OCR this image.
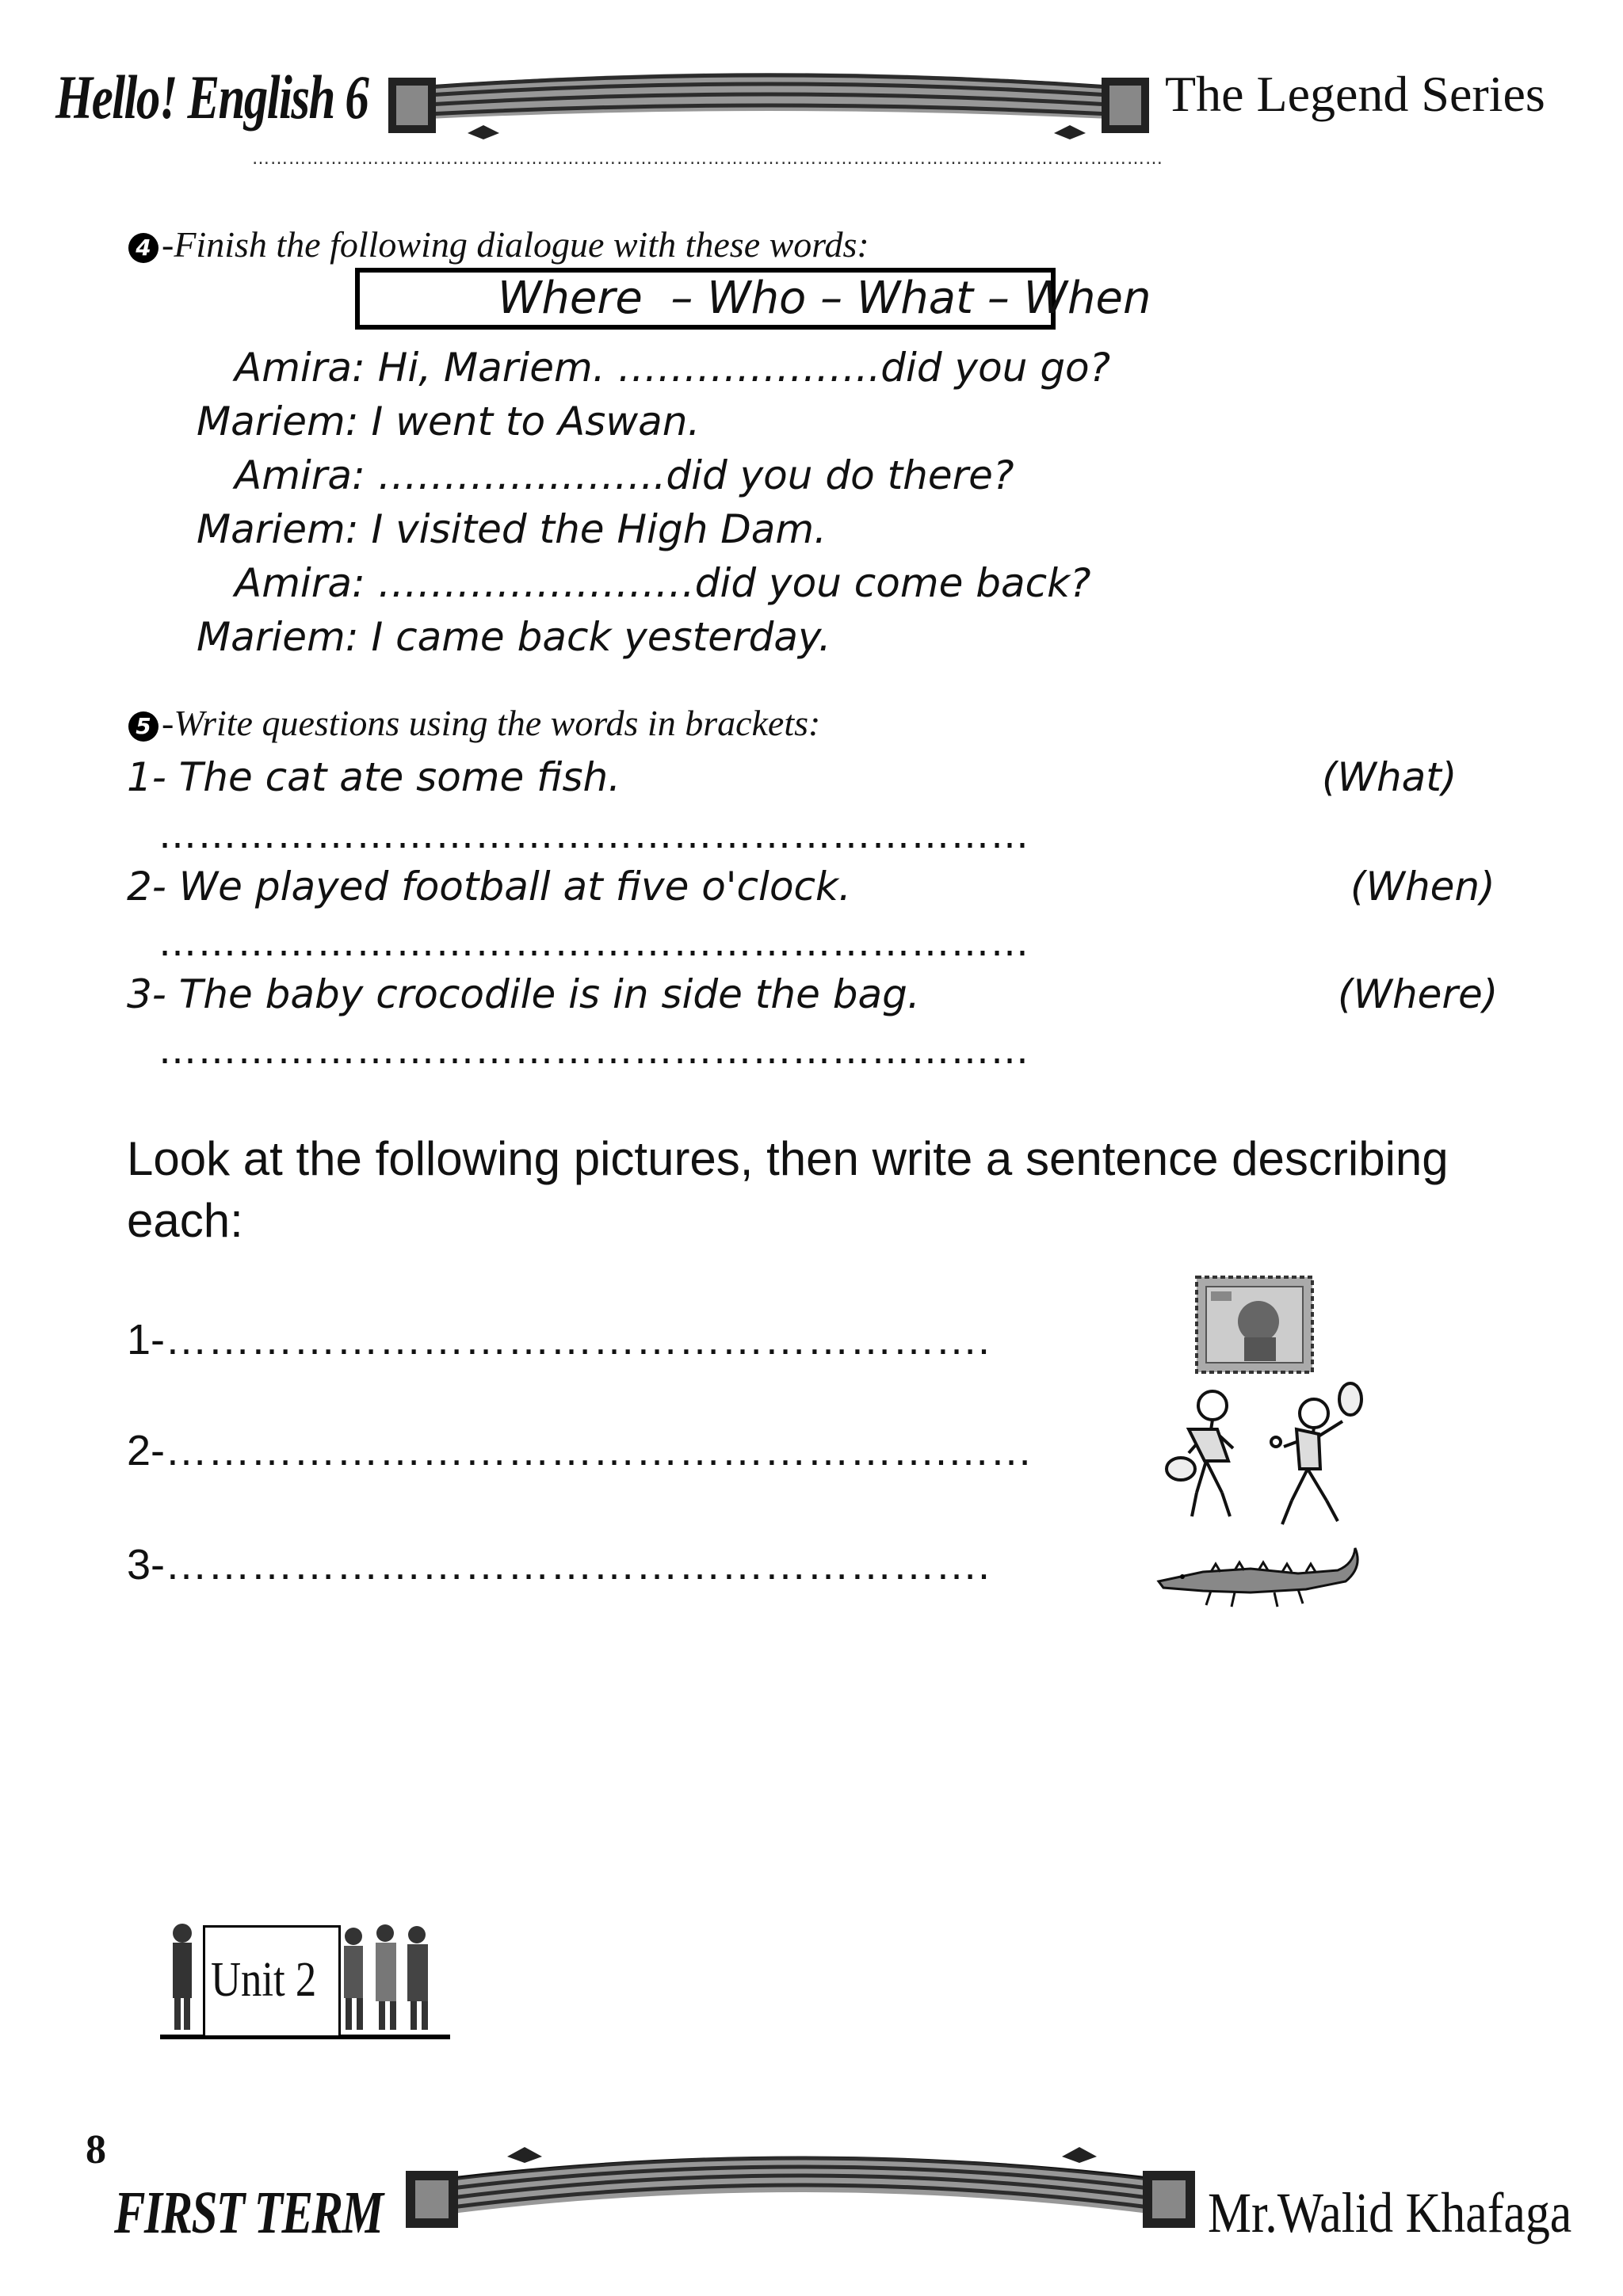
Hello! English 6	The Legend Series
……………………………………………………………………………………………………………………………………
4 -Finish the following dialogue with these words:
Where  – Who – What – When
Amira: Hi, Mariem. ………………..did you go?
Mariem: I went to Aswan.
Amira: …………..……..did you do there?
Mariem: I visited the High Dam.
Amira: ……………………did you come back?
Mariem: I came back yesterday.
5 -Write questions using the words in brackets:
1- The cat ate some fish.	(What)
…………………………………………………………
2- We played football at five o'clock.	(When)
…………………………………………………………
3- The baby crocodile is in side the bag.	(Where)
…………………………………………………………
Look at the following pictures, then write a sentence describing
each:
1-………………………………………………….
2-……………………………………………….……
3-………………………………………………….
Unit 2
8
FIRST TERM	Mr.Walid Khafaga
